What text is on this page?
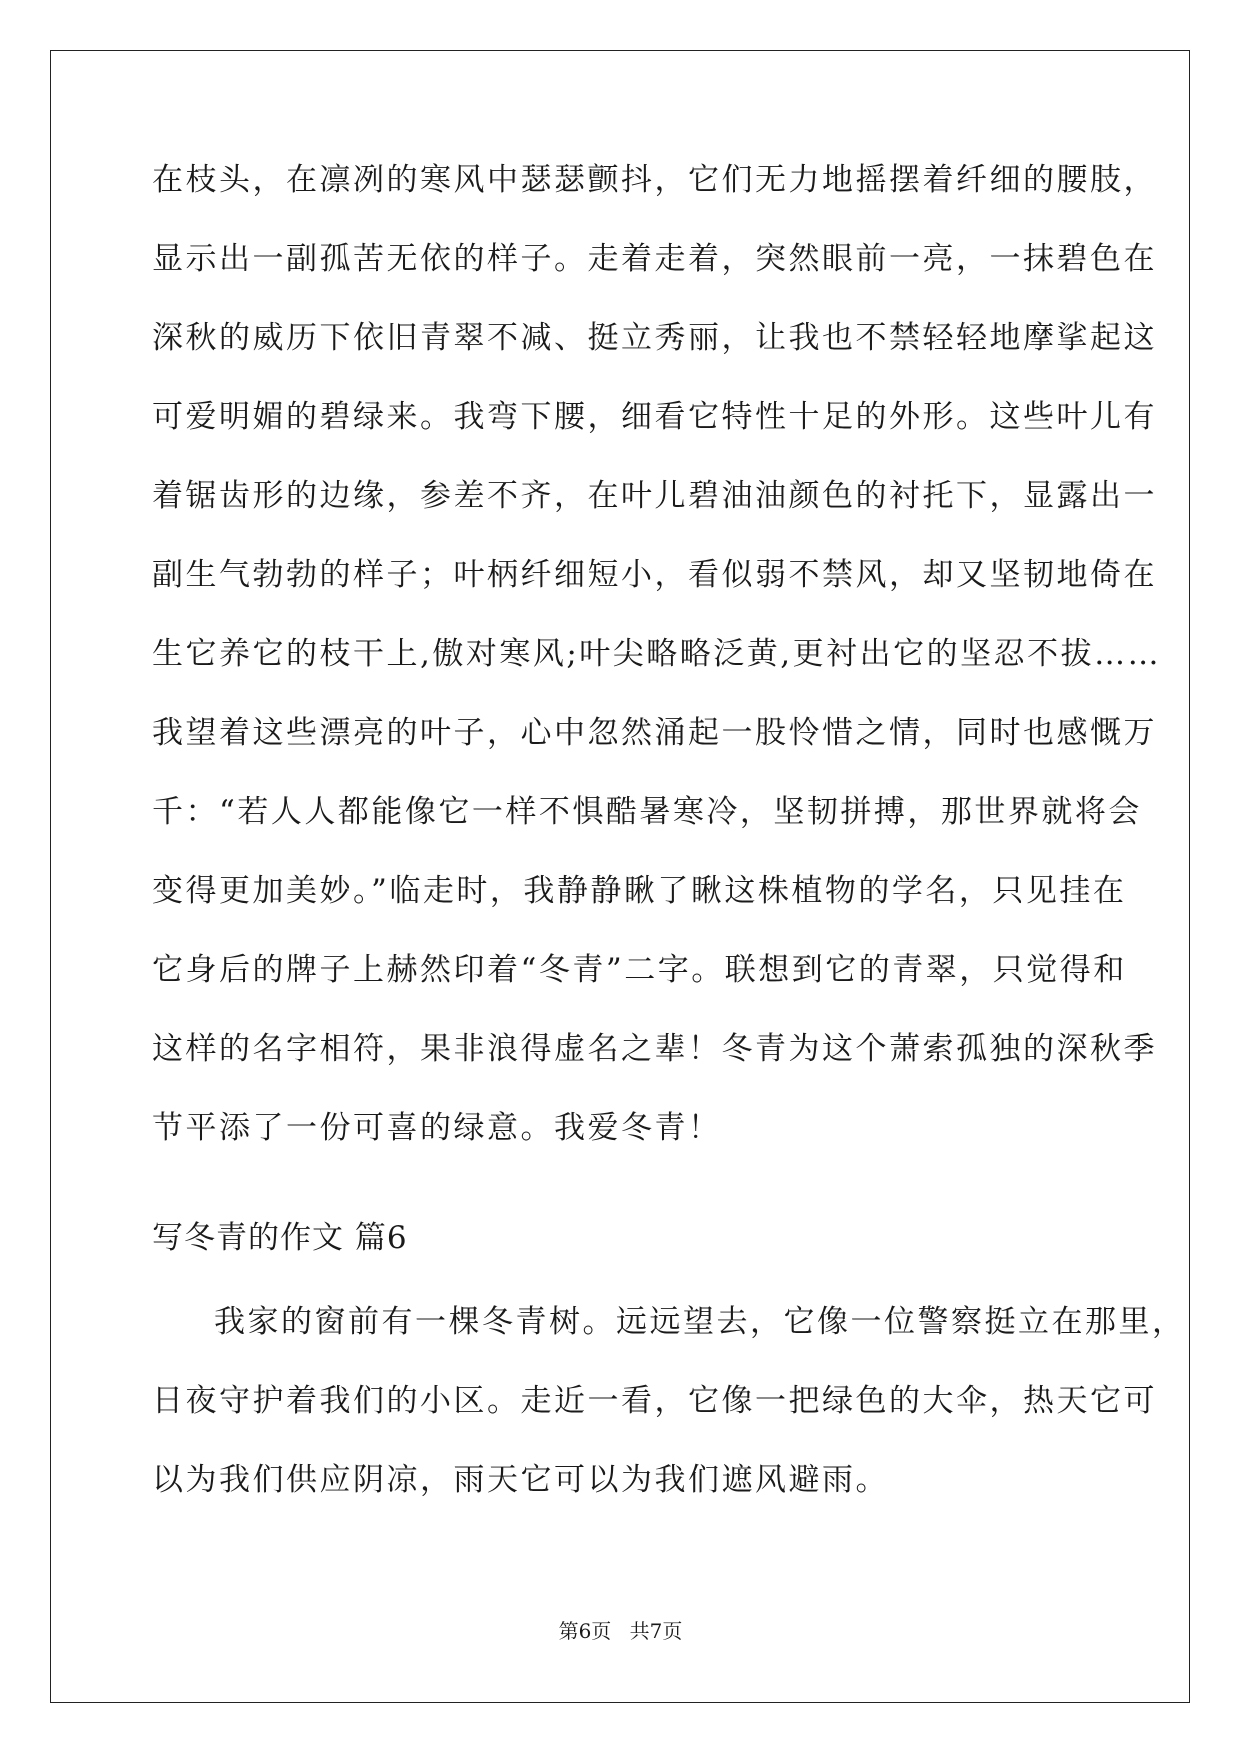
在枝头，在凛冽的寒风中瑟瑟颤抖，它们无力地摇摆着纤细的腰肢，

显示出一副孤苦无依的样子。走着走着，突然眼前一亮，一抹碧色在

深秋的威历下依旧青翠不减、挺立秀丽，让我也不禁轻轻地摩挲起这

可爱明媚的碧绿来。我弯下腰，细看它特性十足的外形。这些叶儿有

着锯齿形的边缘，参差不齐，在叶儿碧油油颜色的衬托下，显露出一

副生气勃勃的样子；叶柄纤细短小，看似弱不禁风，却又坚韧地倚在

生它养它的枝干上,傲对寒风;叶尖略略泛黄,更衬出它的坚忍不拔……

我望着这些漂亮的叶子，心中忽然涌起一股怜惜之情，同时也感慨万

千：“若人人都能像它一样不惧酷暑寒冷，坚韧拼搏，那世界就将会

变得更加美妙。”临走时，我静静瞅了瞅这株植物的学名，只见挂在

它身后的牌子上赫然印着“冬青”二字。联想到它的青翠，只觉得和

这样的名字相符，果非浪得虚名之辈！冬青为这个萧索孤独的深秋季

节平添了一份可喜的绿意。我爱冬青！

写冬青的作文 篇6

我家的窗前有一棵冬青树。远远望去，它像一位警察挺立在那里，

日夜守护着我们的小区。走近一看，它像一把绿色的大伞，热天它可

以为我们供应阴凉，雨天它可以为我们遮风避雨。

第6页 共7页
